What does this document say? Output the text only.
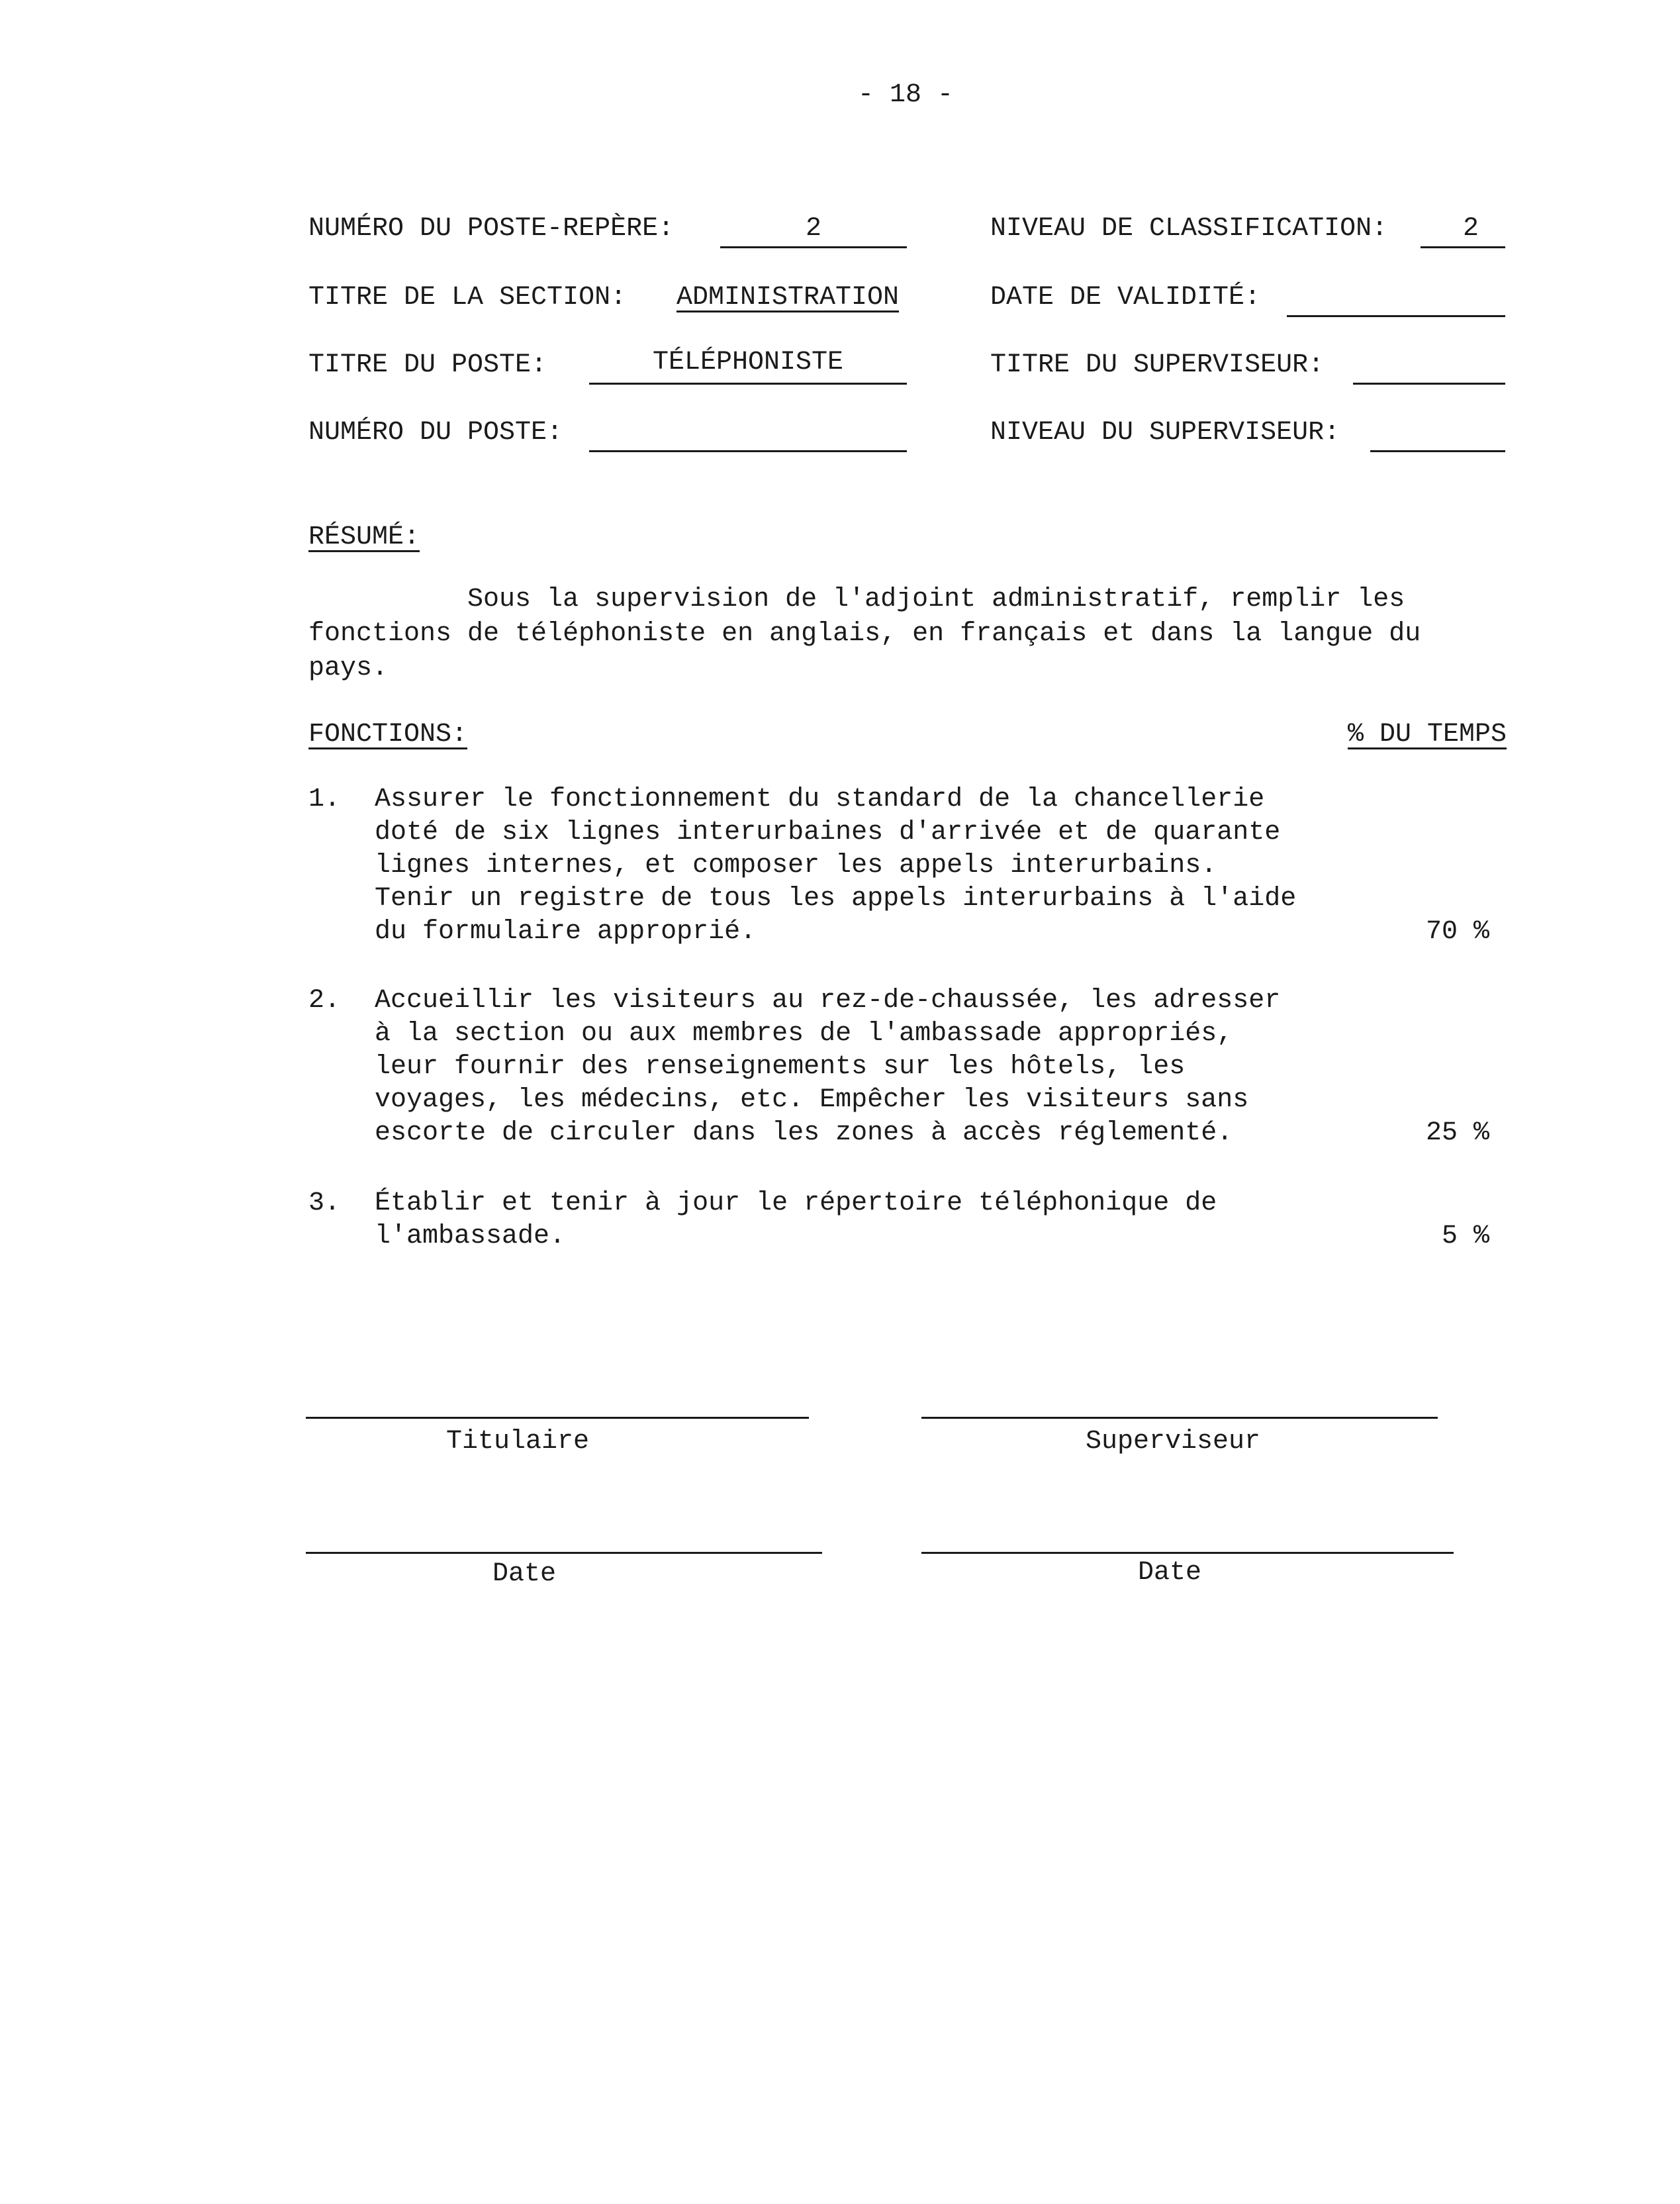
- 18 -
NUMÉRO DU POSTE-REPÈRE:	2
TITRE DE LA SECTION: ADMINISTRATION
TITRE DU POSTE:	TÉLÉPHONISTE
NUMÉRO DU POSTE:
NIVEAU DE CLASSIFICATION:	2
DATE DE VALIDITÉ:
TITRE DU SUPERVISEUR:
NIVEAU DU SUPERVISEUR:
RÉSUMÉ:
Sous la supervision de l'adjoint administratif, remplir les
fonctions de téléphoniste en anglais, en français et dans la langue du
pays.
FONCTIONS:	% DU TEMPS
1. Assurer le fonctionnement du standard de la chancellerie
doté de six lignes interurbaines d'arrivée et de quarante
lignes internes, et composer les appels interurbains.
Tenir un registre de tous les appels interurbains à l'aide
du formulaire approprié.	70 %
2. Accueillir les visiteurs au rez-de-chaussée, les adresser
à la section ou aux membres de l'ambassade appropriés,
leur fournir des renseignements sur les hôtels, les
voyages, les médecins, etc. Empêcher les visiteurs sans
escorte de circuler dans les zones à accès réglementé.	25 %
3. Établir et tenir à jour le répertoire téléphonique de
l'ambassade.	5 %
Titulaire	Superviseur
Date	Date
